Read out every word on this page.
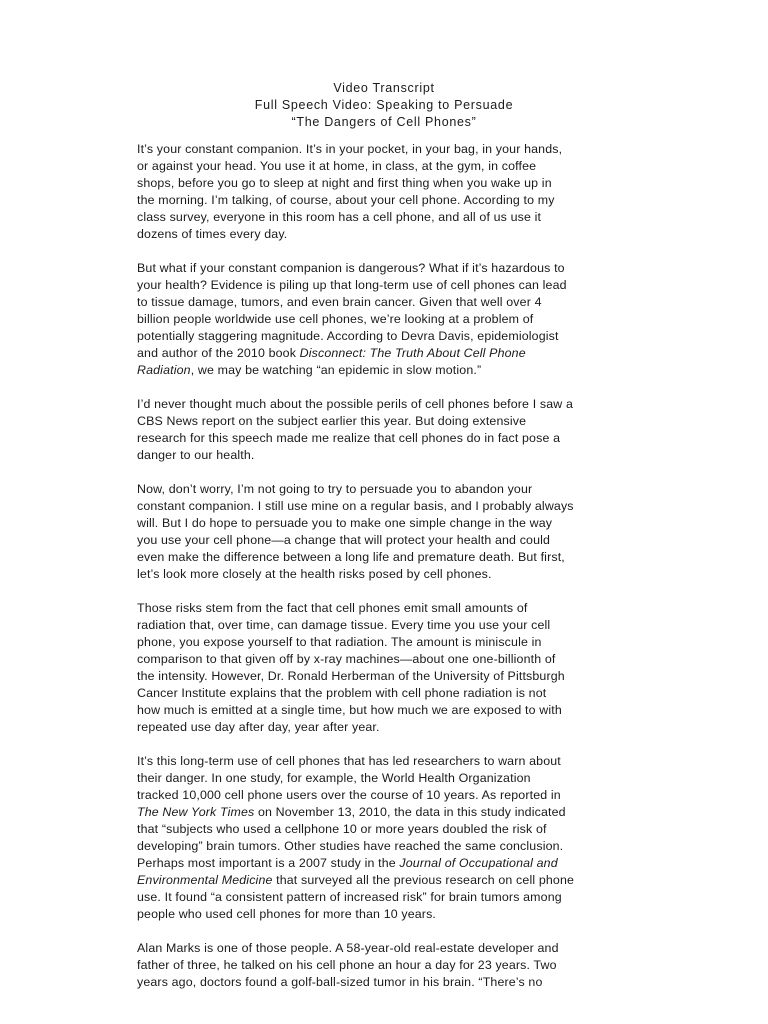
Video Transcript
Full Speech Video: Speaking to Persuade
“The Dangers of Cell Phones”
It’s your constant companion. It’s in your pocket, in your bag, in your hands,
or against your head. You use it at home, in class, at the gym, in coffee
shops, before you go to sleep at night and first thing when you wake up in
the morning. I’m talking, of course, about your cell phone. According to my
class survey, everyone in this room has a cell phone, and all of us use it
dozens of times every day.
But what if your constant companion is dangerous? What if it’s hazardous to
your health? Evidence is piling up that long-term use of cell phones can lead
to tissue damage, tumors, and even brain cancer. Given that well over 4
billion people worldwide use cell phones, we’re looking at a problem of
potentially staggering magnitude. According to Devra Davis, epidemiologist
and author of the 2010 book Disconnect: The Truth About Cell Phone
Radiation, we may be watching “an epidemic in slow motion.”
I’d never thought much about the possible perils of cell phones before I saw a
CBS News report on the subject earlier this year. But doing extensive
research for this speech made me realize that cell phones do in fact pose a
danger to our health.
Now, don’t worry, I’m not going to try to persuade you to abandon your
constant companion. I still use mine on a regular basis, and I probably always
will. But I do hope to persuade you to make one simple change in the way
you use your cell phone—a change that will protect your health and could
even make the difference between a long life and premature death. But first,
let’s look more closely at the health risks posed by cell phones.
Those risks stem from the fact that cell phones emit small amounts of
radiation that, over time, can damage tissue. Every time you use your cell
phone, you expose yourself to that radiation. The amount is miniscule in
comparison to that given off by x-ray machines—about one one-billionth of
the intensity. However, Dr. Ronald Herberman of the University of Pittsburgh
Cancer Institute explains that the problem with cell phone radiation is not
how much is emitted at a single time, but how much we are exposed to with
repeated use day after day, year after year.
It’s this long-term use of cell phones that has led researchers to warn about
their danger. In one study, for example, the World Health Organization
tracked 10,000 cell phone users over the course of 10 years. As reported in
The New York Times on November 13, 2010, the data in this study indicated
that “subjects who used a cellphone 10 or more years doubled the risk of
developing” brain tumors. Other studies have reached the same conclusion.
Perhaps most important is a 2007 study in the Journal of Occupational and
Environmental Medicine that surveyed all the previous research on cell phone
use. It found “a consistent pattern of increased risk” for brain tumors among
people who used cell phones for more than 10 years.
Alan Marks is one of those people. A 58-year-old real-estate developer and
father of three, he talked on his cell phone an hour a day for 23 years. Two
years ago, doctors found a golf-ball-sized tumor in his brain. “There’s no
